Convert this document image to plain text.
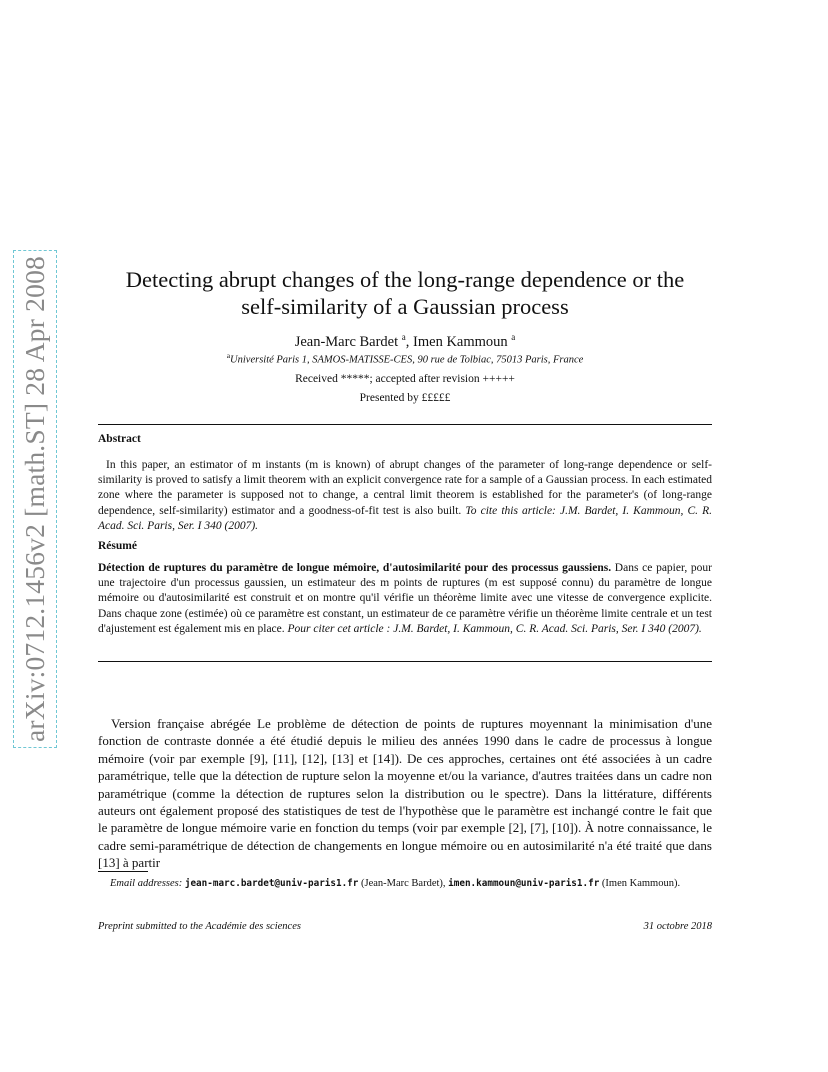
arXiv:0712.1456v2 [math.ST] 28 Apr 2008	Detecting abrupt changes of the long-range dependence or the
self-similarity of a Gaussian process
Jean-Marc Bardet $^a$, Imen Kammoun $^a$
$^a$Université Paris 1, SAMOS-MATISSE-CES, 90 rue de Tolbiac, 75013 Paris, France
Received *****; accepted after revision +++++
Presented by £££££
Abstract

In this paper, an estimator of m instants (m is known) of abrupt changes of the parameter of long-range dependence or self-similarity is proved to satisfy a limit theorem with an explicit convergence rate for a sample of a Gaussian process. In each estimated zone where the parameter is supposed not to change, a central limit theorem is established for the parameter's (of long-range dependence, self-similarity) estimator and a goodness-of-fit test is also built. To cite this article: J.M. Bardet, I. Kammoun, C. R. Acad. Sci. Paris, Ser. I 340 (2007).

Résumé

Détection de ruptures du paramètre de longue mémoire, d'autosimilarité pour des processus gaussiens. Dans ce papier, pour une trajectoire d'un processus gaussien, un estimateur des m points de ruptures (m est supposé connu) du paramètre de longue mémoire ou d'autosimilarité est construit et on montre qu'il vérifie un théorème limite avec une vitesse de convergence explicite. Dans chaque zone (estimée) où ce paramètre est constant, un estimateur de ce paramètre vérifie un théorème limite centrale et un test d'ajustement est également mis en place. Pour citer cet article : J.M. Bardet, I. Kammoun, C. R. Acad. Sci. Paris, Ser. I 340 (2007).

Version française abrégée Le problème de détection de points de ruptures moyennant la minimisation d'une fonction de contraste donnée a été étudié depuis le milieu des années 1990 dans le cadre de processus à longue mémoire (voir par exemple [9], [11], [12], [13] et [14]). De ces approches, certaines ont été associées à un cadre paramétrique, telle que la détection de rupture selon la moyenne et/ou la variance, d'autres traitées dans un cadre non paramétrique (comme la détection de ruptures selon la distribution ou le spectre). Dans la littérature, différents auteurs ont également proposé des statistiques de test de l'hypothèse que le paramètre est inchangé contre le fait que le paramètre de longue mémoire varie en fonction du temps (voir par exemple [2], [7], [10]). À notre connaissance, le cadre semi-paramétrique de détection de changements en longue mémoire ou en autosimilarité n'a été traité que dans [13] à partir

Email addresses: jean-marc.bardet@univ-paris1.fr (Jean-Marc Bardet), imen.kammoun@univ-paris1.fr (Imen Kammoun).

Preprint submitted to the Académie des sciences	31 octobre 2018
